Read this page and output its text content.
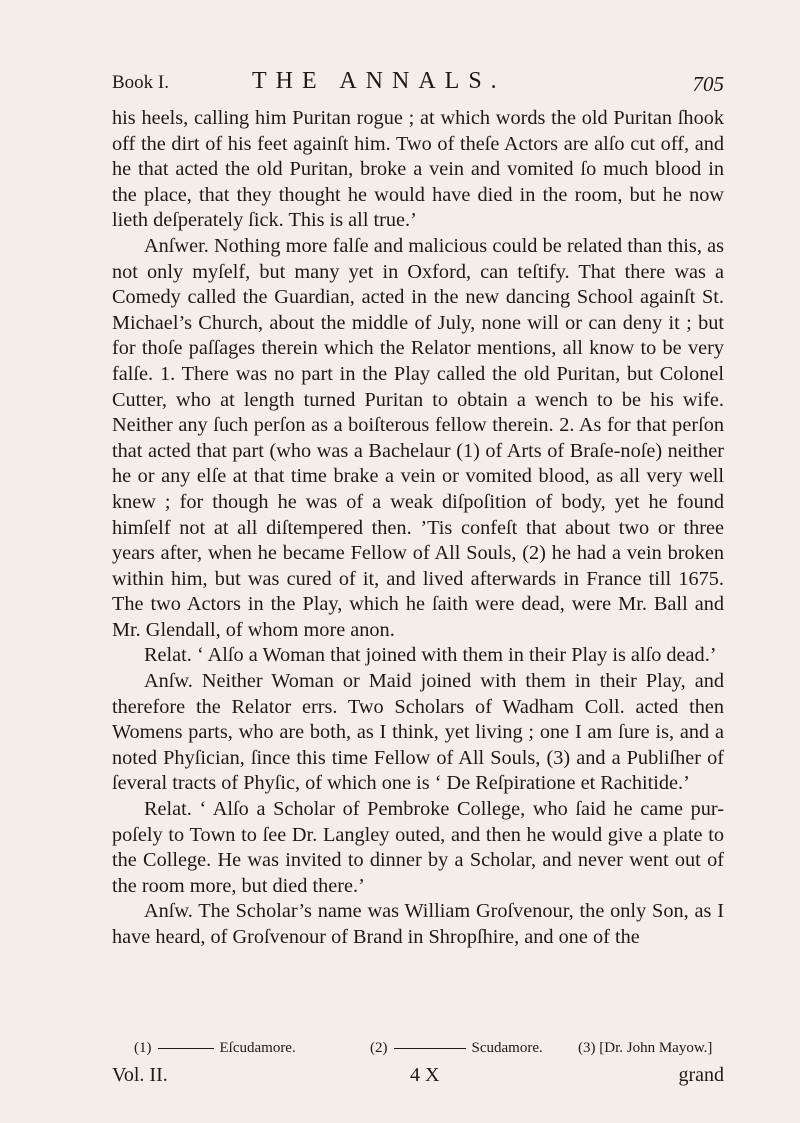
Book I.	THE ANNALS.	705

his heels, calling him Puritan rogue ; at which words the old Puritan ſhook off the dirt of his feet againſt him. Two of theſe Actors are alſo cut off, and he that acted the old Puritan, broke a vein and vomited ſo much blood in the place, that they thought he would have died in the room, but he now lieth deſperately ſick. This is all true.’

Anſwer. Nothing more falſe and malicious could be related than this, as not only myſelf, but many yet in Oxford, can teſtify. That there was a Comedy called the Guardian, acted in the new dancing School againſt St. Michael’s Church, about the middle of July, none will or can deny it ; but for thoſe paſſages therein which the Relator mentions, all know to be very falſe. 1. There was no part in the Play called the old Puritan, but Colonel Cutter, who at length turned Puritan to obtain a wench to be his wife. Neither any ſuch perſon as a boiſterous fellow therein. 2. As for that perſon that acted that part (who was a Bachelaur (1) of Arts of Braſe-noſe) neither he or any elſe at that time brake a vein or vomited blood, as all very well knew ; for though he was of a weak diſpoſition of body, yet he found himſelf not at all diſtempered then. ’Tis confeſt that about two or three years after, when he became Fellow of All Souls, (2) he had a vein broken within him, but was cured of it, and lived afterwards in France till 1675. The two Actors in the Play, which he ſaith were dead, were Mr. Ball and Mr. Glendall, of whom more anon.

Relat. ‘ Alſo a Woman that joined with them in their Play is alſo dead.’

Anſw. Neither Woman or Maid joined with them in their Play, and therefore the Relator errs. Two Scholars of Wadham Coll. acted then Womens parts, who are both, as I think, yet living ; one I am ſure is, and a noted Phyſician, ſince this time Fellow of All Souls, (3) and a Publiſher of ſeveral tracts of Phyſic, of which one is ‘ De Reſpiratione et Rachitide.’

Relat. ‘ Alſo a Scholar of Pembroke College, who ſaid he came pur-poſely to Town to ſee Dr. Langley outed, and then he would give a plate to the College. He was invited to dinner by a Scholar, and never went out of the room more, but died there.’

Anſw. The Scholar’s name was William Groſvenour, the only Son, as I have heard, of Groſvenour of Brand in Shropſhire, and one of the

(1)	Eſcudamore.	(2)	Scudamore. (3) [Dr. John Mayow.]
Vol. II.	4 X	grand
